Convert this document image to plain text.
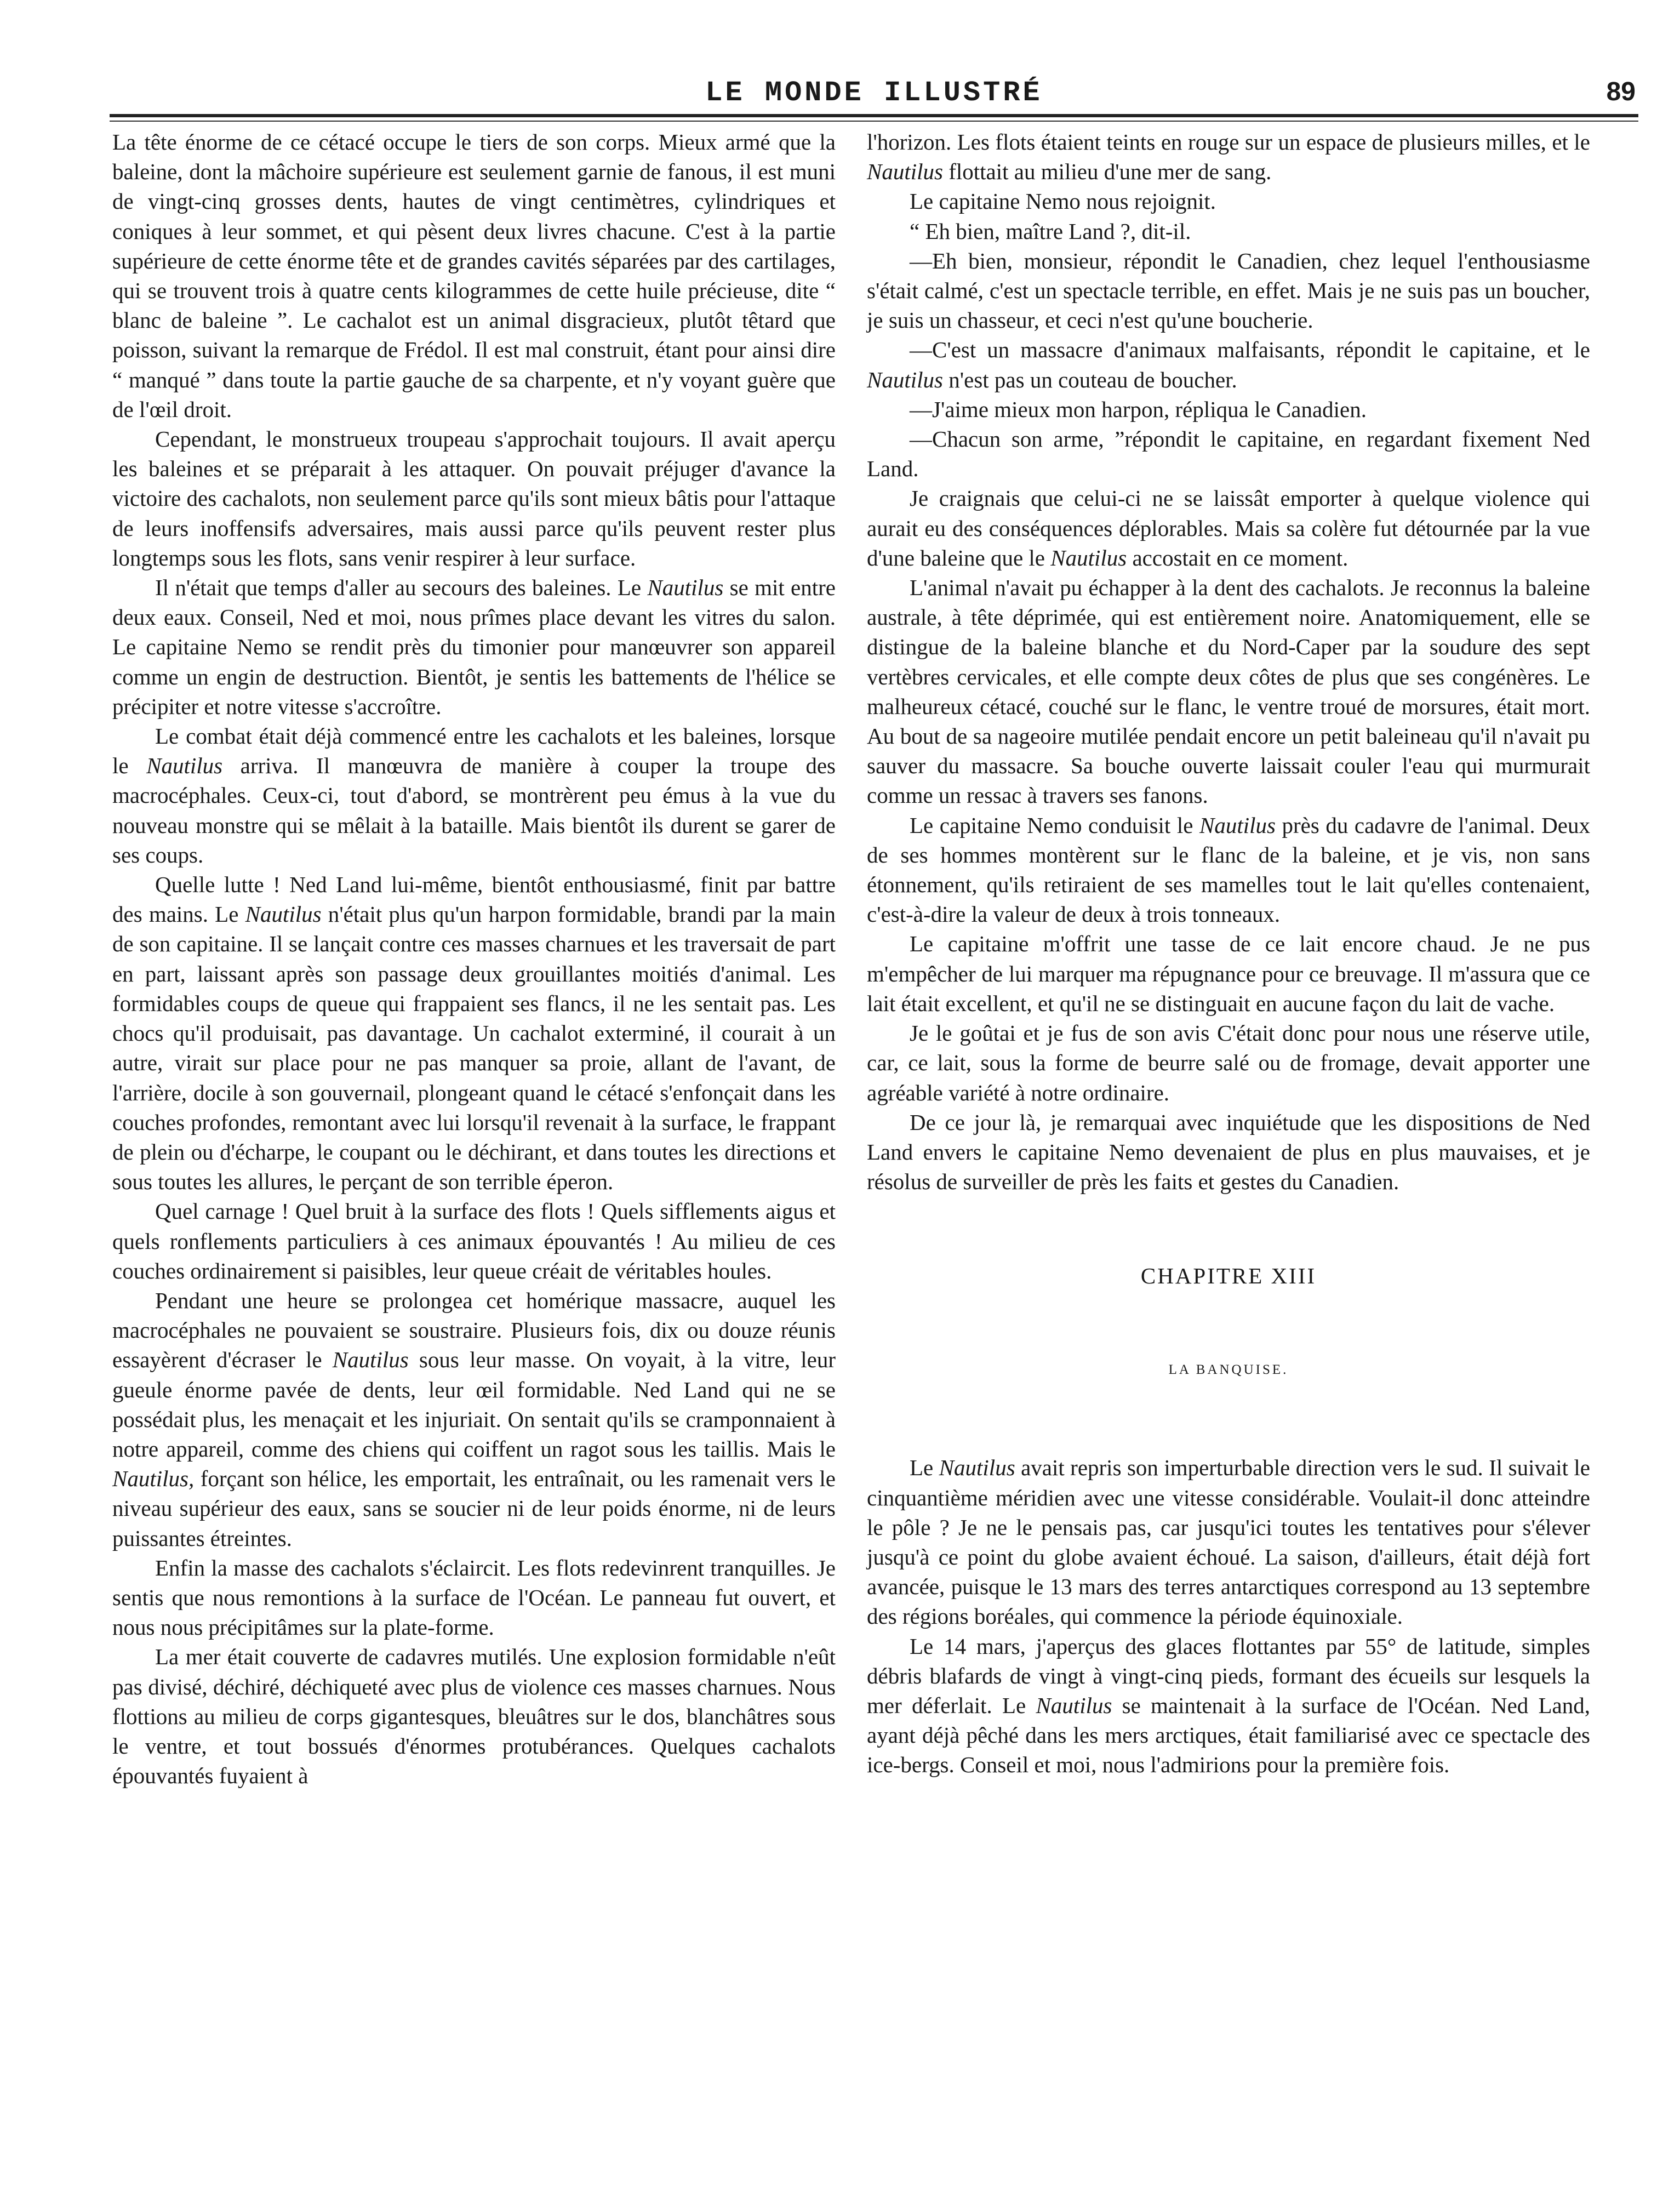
LE MONDE ILLUSTRÉ	89

La tête énorme de ce cétacé occupe le tiers de son corps. Mieux armé que la baleine, dont la mâchoire supérieure est seulement garnie de fanous, il est muni de vingt-cinq grosses dents, hautes de vingt centimètres, cylindriques et coniques à leur sommet, et qui pèsent deux livres chacune. C'est à la partie supérieure de cette énorme tête et de grandes cavités séparées par des cartilages, qui se trouvent trois à quatre cents kilogrammes de cette huile précieuse, dite “ blanc de baleine ”. Le cachalot est un animal disgracieux, plutôt têtard que poisson, suivant la remarque de Frédol. Il est mal construit, étant pour ainsi dire “ manqué ” dans toute la partie gauche de sa charpente, et n'y voyant guère que de l'œil droit.

Cependant, le monstrueux troupeau s'approchait toujours. Il avait aperçu les baleines et se préparait à les attaquer. On pouvait préjuger d'avance la victoire des cachalots, non seulement parce qu'ils sont mieux bâtis pour l'attaque de leurs inoffensifs adversaires, mais aussi parce qu'ils peuvent rester plus longtemps sous les flots, sans venir respirer à leur surface.

Il n'était que temps d'aller au secours des baleines. Le Nautilus se mit entre deux eaux. Conseil, Ned et moi, nous prîmes place devant les vitres du salon. Le capitaine Nemo se rendit près du timonier pour manœuvrer son appareil comme un engin de destruction. Bientôt, je sentis les battements de l'hélice se précipiter et notre vitesse s'accroître.

Le combat était déjà commencé entre les cachalots et les baleines, lorsque le Nautilus arriva. Il manœuvra de manière à couper la troupe des macrocéphales. Ceux-ci, tout d'abord, se montrèrent peu émus à la vue du nouveau monstre qui se mêlait à la bataille. Mais bientôt ils durent se garer de ses coups.

Quelle lutte ! Ned Land lui-même, bientôt enthousiasmé, finit par battre des mains. Le Nautilus n'était plus qu'un harpon formidable, brandi par la main de son capitaine. Il se lançait contre ces masses charnues et les traversait de part en part, laissant après son passage deux grouillantes moitiés d'animal. Les formidables coups de queue qui frappaient ses flancs, il ne les sentait pas. Les chocs qu'il produisait, pas davantage. Un cachalot exterminé, il courait à un autre, virait sur place pour ne pas manquer sa proie, allant de l'avant, de l'arrière, docile à son gouvernail, plongeant quand le cétacé s'enfonçait dans les couches profondes, remontant avec lui lorsqu'il revenait à la surface, le frappant de plein ou d'écharpe, le coupant ou le déchirant, et dans toutes les directions et sous toutes les allures, le perçant de son terrible éperon.

Quel carnage ! Quel bruit à la surface des flots ! Quels sifflements aigus et quels ronflements particuliers à ces animaux épouvantés ! Au milieu de ces couches ordinairement si paisibles, leur queue créait de véritables houles.

Pendant une heure se prolongea cet homérique massacre, auquel les macrocéphales ne pouvaient se soustraire. Plusieurs fois, dix ou douze réunis essayèrent d'écraser le Nautilus sous leur masse. On voyait, à la vitre, leur gueule énorme pavée de dents, leur œil formidable. Ned Land qui ne se possédait plus, les menaçait et les injuriait. On sentait qu'ils se cramponnaient à notre appareil, comme des chiens qui coiffent un ragot sous les taillis. Mais le Nautilus, forçant son hélice, les emportait, les entraînait, ou les ramenait vers le niveau supérieur des eaux, sans se soucier ni de leur poids énorme, ni de leurs puissantes étreintes.

Enfin la masse des cachalots s'éclaircit. Les flots redevinrent tranquilles. Je sentis que nous remontions à la surface de l'Océan. Le panneau fut ouvert, et nous nous précipitâmes sur la plate-forme.

La mer était couverte de cadavres mutilés. Une explosion formidable n'eût pas divisé, déchiré, déchiqueté avec plus de violence ces masses charnues. Nous flottions au milieu de corps gigantesques, bleuâtres sur le dos, blanchâtres sous le ventre, et tout bossués d'énormes protubérances. Quelques cachalots épouvantés fuyaient à

l'horizon. Les flots étaient teints en rouge sur un espace de plusieurs milles, et le Nautilus flottait au milieu d'une mer de sang.

Le capitaine Nemo nous rejoignit.

“ Eh bien, maître Land ?, dit-il.

—Eh bien, monsieur, répondit le Canadien, chez lequel l'enthousiasme s'était calmé, c'est un spectacle terrible, en effet. Mais je ne suis pas un boucher, je suis un chasseur, et ceci n'est qu'une boucherie.

—C'est un massacre d'animaux malfaisants, répondit le capitaine, et le Nautilus n'est pas un couteau de boucher.

—J'aime mieux mon harpon, répliqua le Canadien.

—Chacun son arme, ”répondit le capitaine, en regardant fixement Ned Land.

Je craignais que celui-ci ne se laissât emporter à quelque violence qui aurait eu des conséquences déplorables. Mais sa colère fut détournée par la vue d'une baleine que le Nautilus accostait en ce moment.

L'animal n'avait pu échapper à la dent des cachalots. Je reconnus la baleine australe, à tête déprimée, qui est entièrement noire. Anatomiquement, elle se distingue de la baleine blanche et du Nord-Caper par la soudure des sept vertèbres cervicales, et elle compte deux côtes de plus que ses congénères. Le malheureux cétacé, couché sur le flanc, le ventre troué de morsures, était mort. Au bout de sa nageoire mutilée pendait encore un petit baleineau qu'il n'avait pu sauver du massacre. Sa bouche ouverte laissait couler l'eau qui murmurait comme un ressac à travers ses fanons.

Le capitaine Nemo conduisit le Nautilus près du cadavre de l'animal. Deux de ses hommes montèrent sur le flanc de la baleine, et je vis, non sans étonnement, qu'ils retiraient de ses mamelles tout le lait qu'elles contenaient, c'est-à-dire la valeur de deux à trois tonneaux.

Le capitaine m'offrit une tasse de ce lait encore chaud. Je ne pus m'empêcher de lui marquer ma répugnance pour ce breuvage. Il m'assura que ce lait était excellent, et qu'il ne se distinguait en aucune façon du lait de vache.

Je le goûtai et je fus de son avis C'était donc pour nous une réserve utile, car, ce lait, sous la forme de beurre salé ou de fromage, devait apporter une agréable variété à notre ordinaire.

De ce jour là, je remarquai avec inquiétude que les dispositions de Ned Land envers le capitaine Nemo devenaient de plus en plus mauvaises, et je résolus de surveiller de près les faits et gestes du Canadien.

CHAPITRE XIII
LA BANQUISE.

Le Nautilus avait repris son imperturbable direction vers le sud. Il suivait le cinquantième méridien avec une vitesse considérable. Voulait-il donc atteindre le pôle ? Je ne le pensais pas, car jusqu'ici toutes les tentatives pour s'élever jusqu'à ce point du globe avaient échoué. La saison, d'ailleurs, était déjà fort avancée, puisque le 13 mars des terres antarctiques correspond au 13 septembre des régions boréales, qui commence la période équinoxiale.

Le 14 mars, j'aperçus des glaces flottantes par 55° de latitude, simples débris blafards de vingt à vingt-cinq pieds, formant des écueils sur lesquels la mer déferlait. Le Nautilus se maintenait à la surface de l'Océan. Ned Land, ayant déjà pêché dans les mers arctiques, était familiarisé avec ce spectacle des ice-bergs. Conseil et moi, nous l'admirions pour la première fois.
